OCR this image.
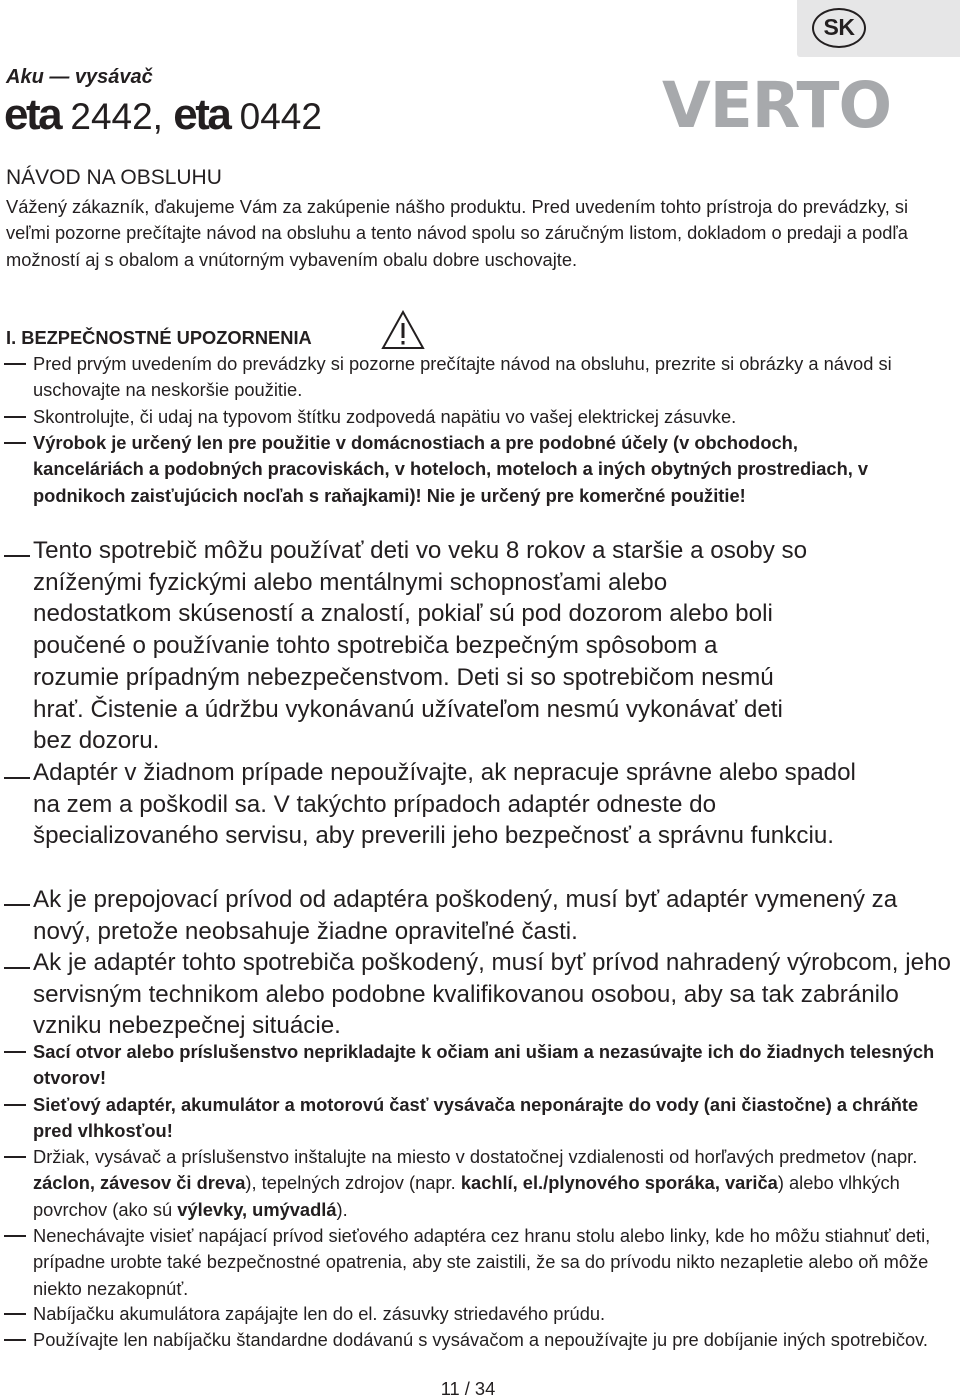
SK
VERTO
Aku — vysávač
eta 2442, eta 0442
NÁVOD NA OBSLUHU
Vážený zákazník, ďakujeme Vám za zakúpenie nášho produktu. Pred uvedením tohto prístroja do prevádzky, si veľmi pozorne prečítajte návod na obsluhu a tento návod spolu so záručným listom, dokladom o predaji a podľa možností aj s obalom a vnútorným vybavením obalu dobre uschovajte.
I. BEZPEČNOSTNÉ UPOZORNENIA
Pred prvým uvedením do prevádzky si pozorne prečítajte návod na obsluhu, prezrite si obrázky a návod si uschovajte na neskoršie použitie.
Skontrolujte, či udaj na typovom štítku zodpovedá napätiu vo vašej elektrickej zásuvke.
Výrobok je určený len pre použitie v domácnostiach a pre podobné účely (v obchodoch, kanceláriách a podobných pracoviskách, v hoteloch, moteloch a iných obytných prostrediach, v podnikoch zaisťujúcich nocľah s raňajkami)! Nie je určený pre komerčné použitie!
Tento spotrebič môžu používať deti vo veku 8 rokov a staršie a osoby so zníženými fyzickými alebo mentálnymi schopnosťami alebo nedostatkom skúseností a znalostí, pokiaľ sú pod dozorom alebo boli poučené o používanie tohto spotrebiča bezpečným spôsobom a rozumie prípadným nebezpečenstvom. Deti si so spotrebičom nesmú hrať. Čistenie a údržbu vykonávanú užívateľom nesmú vykonávať deti bez dozoru.
Adaptér v žiadnom prípade nepoužívajte, ak nepracuje správne alebo spadol na zem a poškodil sa. V takýchto prípadoch adaptér odneste do špecializovaného servisu, aby preverili jeho bezpečnosť a správnu funkciu.
Ak je prepojovací prívod od adaptéra poškodený, musí byť adaptér vymenený za nový, pretože neobsahuje žiadne opraviteľné časti.
Ak je adaptér tohto spotrebiča poškodený, musí byť prívod nahradený výrobcom, jeho servisným technikom alebo podobne kvalifikovanou osobou, aby sa tak zabránilo vzniku nebezpečnej situácie.
Sací otvor alebo príslušenstvo neprikladajte k očiam ani ušiam a nezasúvajte ich do žiadnych telesných otvorov!
Sieťový adaptér, akumulátor a motorovú časť vysávača neponárajte do vody (ani čiastočne) a chráňte pred vlhkosťou!
Držiak, vysávač a príslušenstvo inštalujte na miesto v dostatočnej vzdialenosti od horľavých predmetov (napr. záclon, závesov či dreva), tepelných zdrojov (napr. kachlí, el./plynového sporáka, variča) alebo vlhkých povrchov (ako sú výlevky, umývadlá).
Nenechávajte visieť napájací prívod sieťového adaptéra cez hranu stolu alebo linky, kde ho môžu stiahnuť deti, prípadne urobte také bezpečnostné opatrenia, aby ste zaistili, že sa do prívodu nikto nezapletie alebo oň môže niekto nezakopnúť.
Nabíjačku akumulátora zapájajte len do el. zásuvky striedavého prúdu.
Používajte len nabíjačku štandardne dodávanú s vysávačom a nepoužívajte ju pre dobíjanie iných spotrebičov.
11 / 34
